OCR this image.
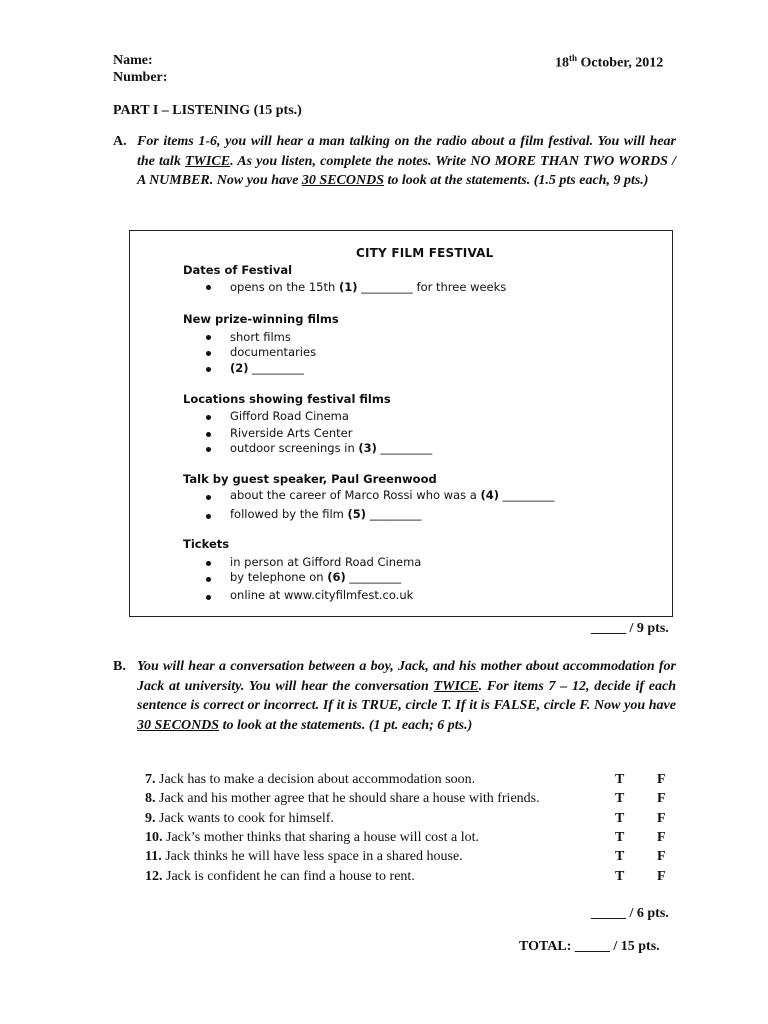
Name:
Number:
18th October, 2012
PART I – LISTENING (15 pts.)
A. For items 1-6, you will hear a man talking on the radio about a film festival. You will hear the talk TWICE. As you listen, complete the notes. Write NO MORE THAN TWO WORDS / A NUMBER. Now you have 30 SECONDS to look at the statements. (1.5 pts each, 9 pts.)
CITY FILM FESTIVAL
Dates of Festival
opens on the 15th (1) _________ for three weeks
New prize-winning films
short films
documentaries
(2) _________
Locations showing festival films
Gifford Road Cinema
Riverside Arts Center
outdoor screenings in (3) _________
Talk by guest speaker, Paul Greenwood
about the career of Marco Rossi who was a (4) _________
followed by the film (5) _________
Tickets
in person at Gifford Road Cinema
by telephone on (6) _________
online at www.cityfilmfest.co.uk
_____ / 9 pts.
B. You will hear a conversation between a boy, Jack, and his mother about accommodation for Jack at university. You will hear the conversation TWICE. For items 7 – 12, decide if each sentence is correct or incorrect. If it is TRUE, circle T. If it is FALSE, circle F. Now you have 30 SECONDS to look at the statements. (1 pt. each; 6 pts.)
7. Jack has to make a decision about accommodation soon.	T F
8. Jack and his mother agree that he should share a house with friends.	T F
9. Jack wants to cook for himself.	T F
10. Jack’s mother thinks that sharing a house will cost a lot.	T F
11. Jack thinks he will have less space in a shared house.	T F
12. Jack is confident he can find a house to rent.	T F
_____ / 6 pts.
TOTAL: _____ / 15 pts.
